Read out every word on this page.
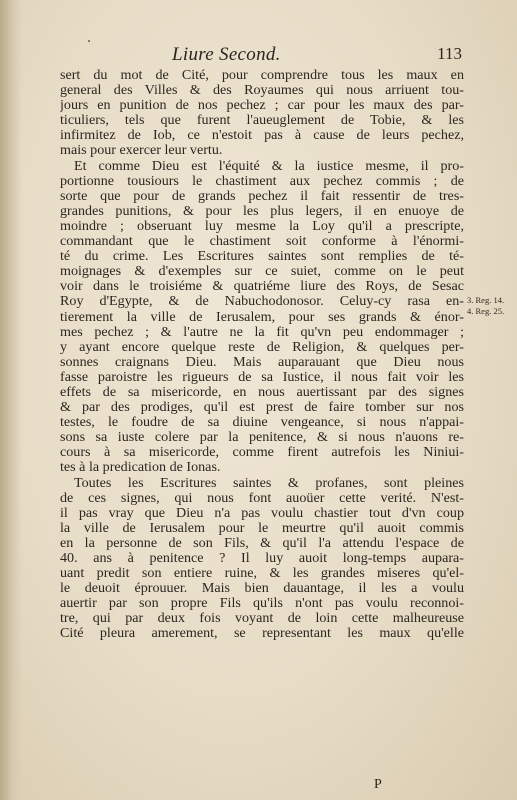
Liure Second.	113
sert du mot de Cité, pour comprendre tous les maux en
general des Villes & des Royaumes qui nous arriuent tou-
jours en punition de nos pechez ; car pour les maux des par-
ticuliers, tels que furent l'aueuglement de Tobie, & les
infirmitez de Iob, ce n'estoit pas à cause de leurs pechez,
mais pour exercer leur vertu.
Et comme Dieu est l'équité & la iustice mesme, il pro-
portionne tousiours le chastiment aux pechez commis ; de
sorte que pour de grands pechez il fait ressentir de tres-
grandes punitions, & pour les plus legers, il en enuoye de
moindre ; obseruant luy mesme la Loy qu'il a prescripte,
commandant que le chastiment soit conforme à l'énormi-
té du crime. Les Escritures saintes sont remplies de té-
moignages & d'exemples sur ce suiet, comme on le peut
voir dans le troisiéme & quatriéme liure des Roys, de Sesac
Roy d'Egypte, & de Nabuchodonosor. Celuy-cy rasa en-
tierement la ville de Ierusalem, pour ses grands & énor-
mes pechez ; & l'autre ne la fit qu'vn peu endommager ;
y ayant encore quelque reste de Religion, & quelques per-
sonnes craignans Dieu. Mais auparauant que Dieu nous
fasse paroistre les rigueurs de sa Iustice, il nous fait voir les
effets de sa misericorde, en nous auertissant par des signes
& par des prodiges, qu'il est prest de faire tomber sur nos
testes, le foudre de sa diuine vengeance, si nous n'appai-
sons sa iuste colere par la penitence, & si nous n'auons re-
cours à sa misericorde, comme firent autrefois les Niniui-
tes à la predication de Ionas.
Toutes les Escritures saintes & profanes, sont pleines
de ces signes, qui nous font auoüer cette verité. N'est-
il pas vray que Dieu n'a pas voulu chastier tout d'vn coup
la ville de Ierusalem pour le meurtre qu'il auoit commis
en la personne de son Fils, & qu'il l'a attendu l'espace de
40. ans à penitence ? Il luy auoit long-temps aupara-
uant predit son entiere ruine, & les grandes miseres qu'el-
le deuoit éprouuer. Mais bien dauantage, il les a voulu
auertir par son propre Fils qu'ils n'ont pas voulu reconnoi-
tre, qui par deux fois voyant de loin cette malheureuse
Cité pleura amerement, se representant les maux qu'elle
3. Reg. 14.
4. Reg. 25.
P
